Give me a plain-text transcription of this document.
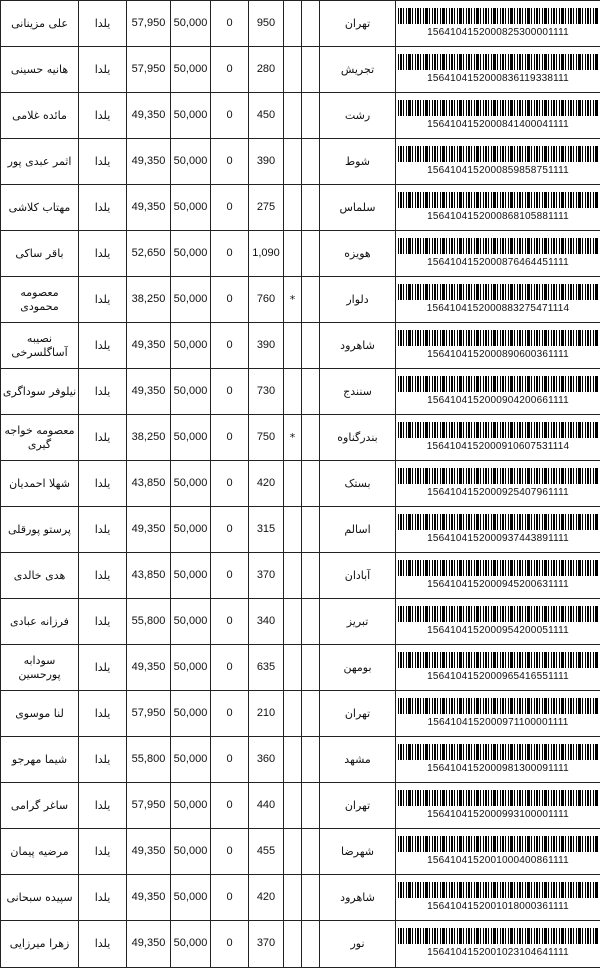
علی مزینانی	یلدا	57,950	50,000	0	950			تهران	1564104152000825300001111

هانیه حسینی	یلدا	57,950	50,000	0	280			تجریش	1564104152000836119338111

مائده غلامی	یلدا	49,350	50,000	0	450			رشت	1564104152000841400041111

اثمر عبدی پور	یلدا	49,350	50,000	0	390			شوط	1564104152000859858751111

مهتاب کلاشی	یلدا	49,350	50,000	0	275			سلماس	1564104152000868105881111

باقر ساکی	یلدا	52,650	50,000	0	1,090			هویزه	1564104152000876464451111

معصومه محمودی	یلدا	38,250	50,000	0	760	*		دلوار	1564104152000883275471114

نصیبه آساگلسرخی	یلدا	49,350	50,000	0	390			شاهرود	1564104152000890600361111

نیلوفر سوداگری	یلدا	49,350	50,000	0	730			سنندج	1564104152000904200661111

معصومه خواجه گیری	یلدا	38,250	50,000	0	750	*		بندرگناوه	1564104152000910607531114

شهلا احمدیان	یلدا	43,850	50,000	0	420			بستک	1564104152000925407961111

پرستو پورقلی	یلدا	49,350	50,000	0	315			اسالم	1564104152000937443891111

هدی خالدی	یلدا	43,850	50,000	0	370			آبادان	1564104152000945200631111

فرزانه عبادی	یلدا	55,800	50,000	0	340			تبریز	1564104152000954200051111

سودابه پورحسین	یلدا	49,350	50,000	0	635			بومهن	1564104152000965416551111

لنا موسوی	یلدا	57,950	50,000	0	210			تهران	1564104152000971100001111

شیما مهرجو	یلدا	55,800	50,000	0	360			مشهد	1564104152000981300091111

ساغر گرامی	یلدا	57,950	50,000	0	440			تهران	1564104152000993100001111

مرضیه پیمان	یلدا	49,350	50,000	0	455			شهرضا	1564104152001000400861111

سپیده سبحانی	یلدا	49,350	50,000	0	420			شاهرود	1564104152001018000361111

زهرا میرزایی	یلدا	49,350	50,000	0	370			نور	1564104152001023104641111
